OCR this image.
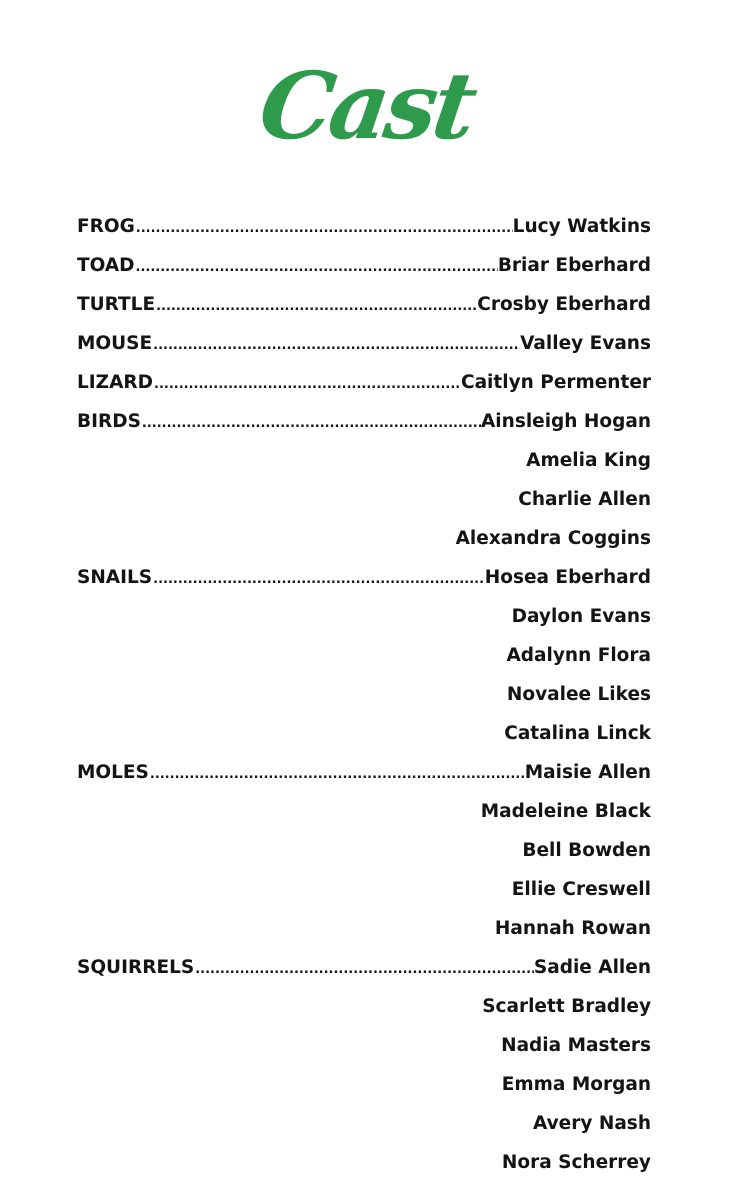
Cast
FROG .....	Lucy Watkins
TOAD .....	Briar Eberhard
TURTLE .....	Crosby Eberhard
MOUSE .....	Valley Evans
LIZARD .....	Caitlyn Permenter
BIRDS .....	Ainsleigh Hogan
Amelia King
Charlie Allen
Alexandra Coggins
SNAILS .....	Hosea Eberhard
Daylon Evans
Adalynn Flora
Novalee Likes
Catalina Linck
MOLES .....	Maisie Allen
Madeleine Black
Bell Bowden
Ellie Creswell
Hannah Rowan
SQUIRRELS .....	Sadie Allen
Scarlett Bradley
Nadia Masters
Emma Morgan
Avery Nash
Nora Scherrey
